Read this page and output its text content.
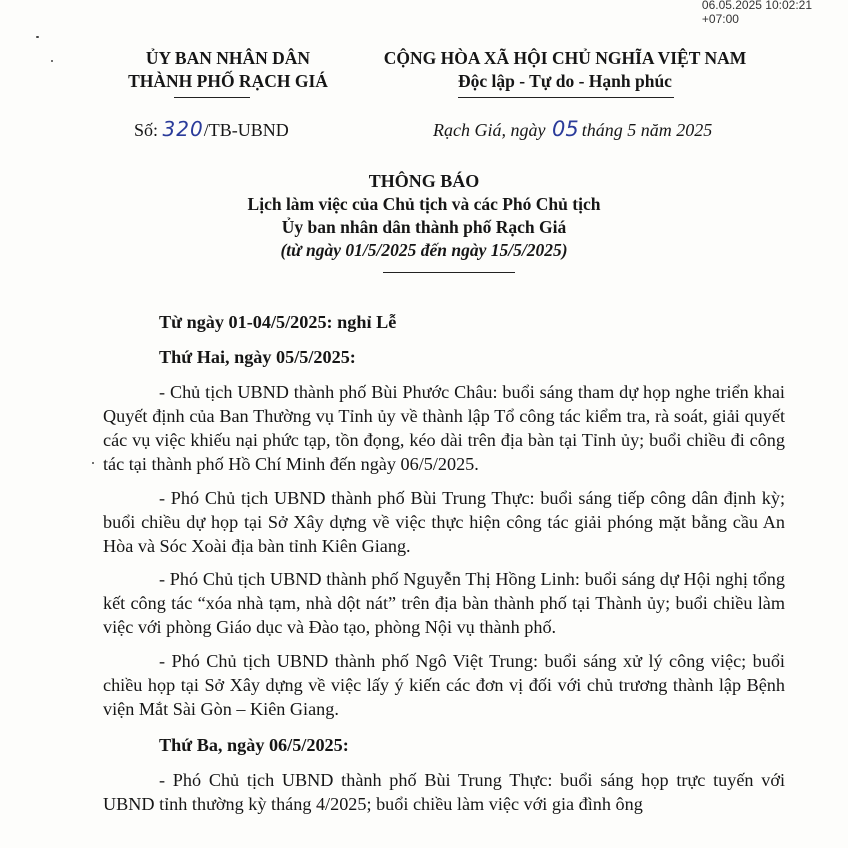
06.05.2025 10:02:21
+07:00
ỦY BAN NHÂN DÂN
THÀNH PHỐ RẠCH GIÁ
CỘNG HÒA XÃ HỘI CHỦ NGHĨA VIỆT NAM
Độc lập - Tự do - Hạnh phúc
Số: 320/TB-UBND	Rạch Giá, ngày 05 tháng 5 năm 2025
THÔNG BÁO
Lịch làm việc của Chủ tịch và các Phó Chủ tịch
Ủy ban nhân dân thành phố Rạch Giá
(từ ngày 01/5/2025 đến ngày 15/5/2025)

Từ ngày 01-04/5/2025: nghỉ Lễ

Thứ Hai, ngày 05/5/2025:

- Chủ tịch UBND thành phố Bùi Phước Châu: buổi sáng tham dự họp nghe triển khai Quyết định của Ban Thường vụ Tỉnh ủy về thành lập Tổ công tác kiểm tra, rà soát, giải quyết các vụ việc khiếu nại phức tạp, tồn đọng, kéo dài trên địa bàn tại Tỉnh ủy; buổi chiều đi công tác tại thành phố Hồ Chí Minh đến ngày 06/5/2025.

- Phó Chủ tịch UBND thành phố Bùi Trung Thực: buổi sáng tiếp công dân định kỳ; buổi chiều dự họp tại Sở Xây dựng về việc thực hiện công tác giải phóng mặt bằng cầu An Hòa và Sóc Xoài địa bàn tỉnh Kiên Giang.

- Phó Chủ tịch UBND thành phố Nguyễn Thị Hồng Linh: buổi sáng dự Hội nghị tổng kết công tác “xóa nhà tạm, nhà dột nát” trên địa bàn thành phố tại Thành ủy; buổi chiều làm việc với phòng Giáo dục và Đào tạo, phòng Nội vụ thành phố.

- Phó Chủ tịch UBND thành phố Ngô Việt Trung: buổi sáng xử lý công việc; buổi chiều họp tại Sở Xây dựng về việc lấy ý kiến các đơn vị đối với chủ trương thành lập Bệnh viện Mắt Sài Gòn – Kiên Giang.

Thứ Ba, ngày 06/5/2025:

- Phó Chủ tịch UBND thành phố Bùi Trung Thực: buổi sáng họp trực tuyến với UBND tỉnh thường kỳ tháng 4/2025; buổi chiều làm việc với gia đình ông
